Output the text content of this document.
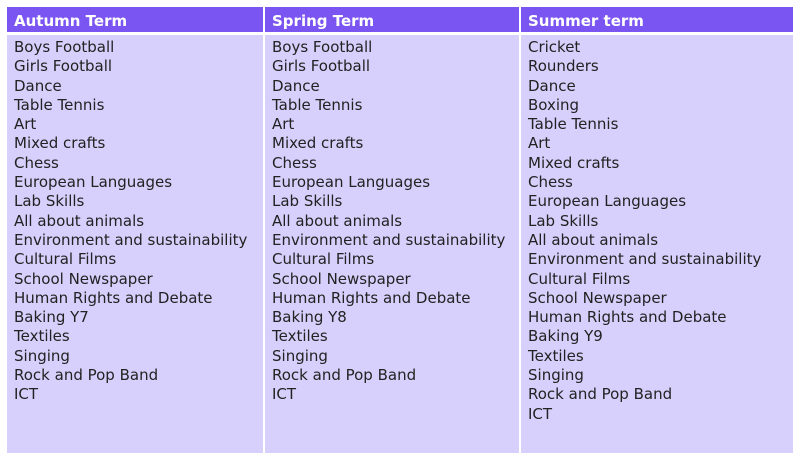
Autumn Term	Spring Term	Summer term
Boys Football
Girls Football
Dance
Table Tennis
Art
Mixed crafts
Chess
European Languages
Lab Skills
All about animals
Environment and sustainability
Cultural Films
School Newspaper
Human Rights and Debate
Baking Y7
Textiles
Singing
Rock and Pop Band
ICT
Boys Football
Girls Football
Dance
Table Tennis
Art
Mixed crafts
Chess
European Languages
Lab Skills
All about animals
Environment and sustainability
Cultural Films
School Newspaper
Human Rights and Debate
Baking Y8
Textiles
Singing
Rock and Pop Band
ICT
Cricket
Rounders
Dance
Boxing
Table Tennis
Art
Mixed crafts
Chess
European Languages
Lab Skills
All about animals
Environment and sustainability
Cultural Films
School Newspaper
Human Rights and Debate
Baking Y9
Textiles
Singing
Rock and Pop Band
ICT
